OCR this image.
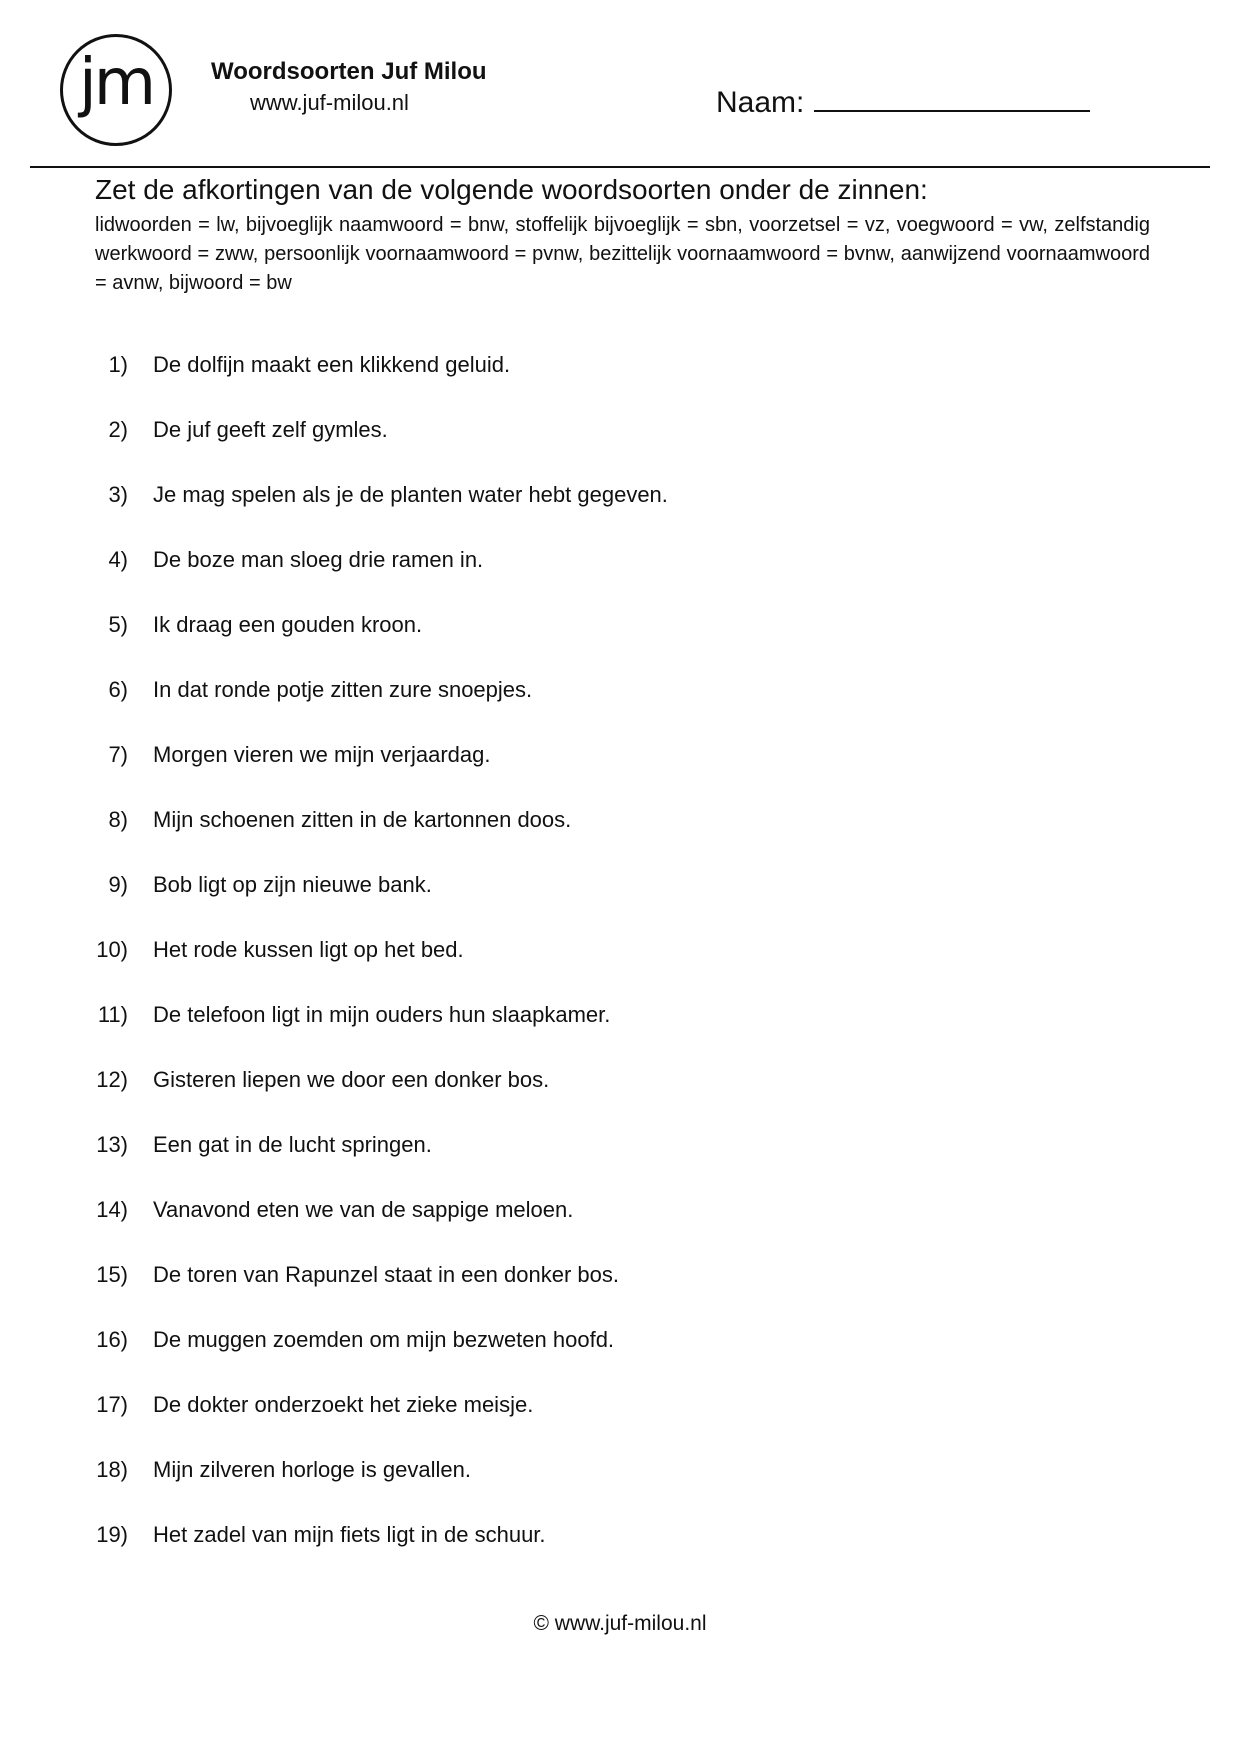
jm Woordsoorten Juf Milou
www.juf-milou.nl	Naam:
Zet de afkortingen van de volgende woordsoorten onder de zinnen:
lidwoorden = lw, bijvoeglijk naamwoord = bnw, stoffelijk bijvoeglijk = sbn, voorzetsel = vz, voegwoord = vw, zelfstandig werkwoord = zww, persoonlijk voornaamwoord = pvnw, bezittelijk voornaamwoord = bvnw, aanwijzend voornaamwoord = avnw, bijwoord = bw
1) De dolfijn maakt een klikkend geluid.
2) De juf geeft zelf gymles.
3) Je mag spelen als je de planten water hebt gegeven.
4) De boze man sloeg drie ramen in.
5) Ik draag een gouden kroon.
6) In dat ronde potje zitten zure snoepjes.
7) Morgen vieren we mijn verjaardag.
8) Mijn schoenen zitten in de kartonnen doos.
9) Bob ligt op zijn nieuwe bank.
10) Het rode kussen ligt op het bed.
11) De telefoon ligt in mijn ouders hun slaapkamer.
12) Gisteren liepen we door een donker bos.
13) Een gat in de lucht springen.
14) Vanavond eten we van de sappige meloen.
15) De toren van Rapunzel staat in een donker bos.
16) De muggen zoemden om mijn bezweten hoofd.
17) De dokter onderzoekt het zieke meisje.
18) Mijn zilveren horloge is gevallen.
19) Het zadel van mijn fiets ligt in de schuur.
© www.juf-milou.nl
